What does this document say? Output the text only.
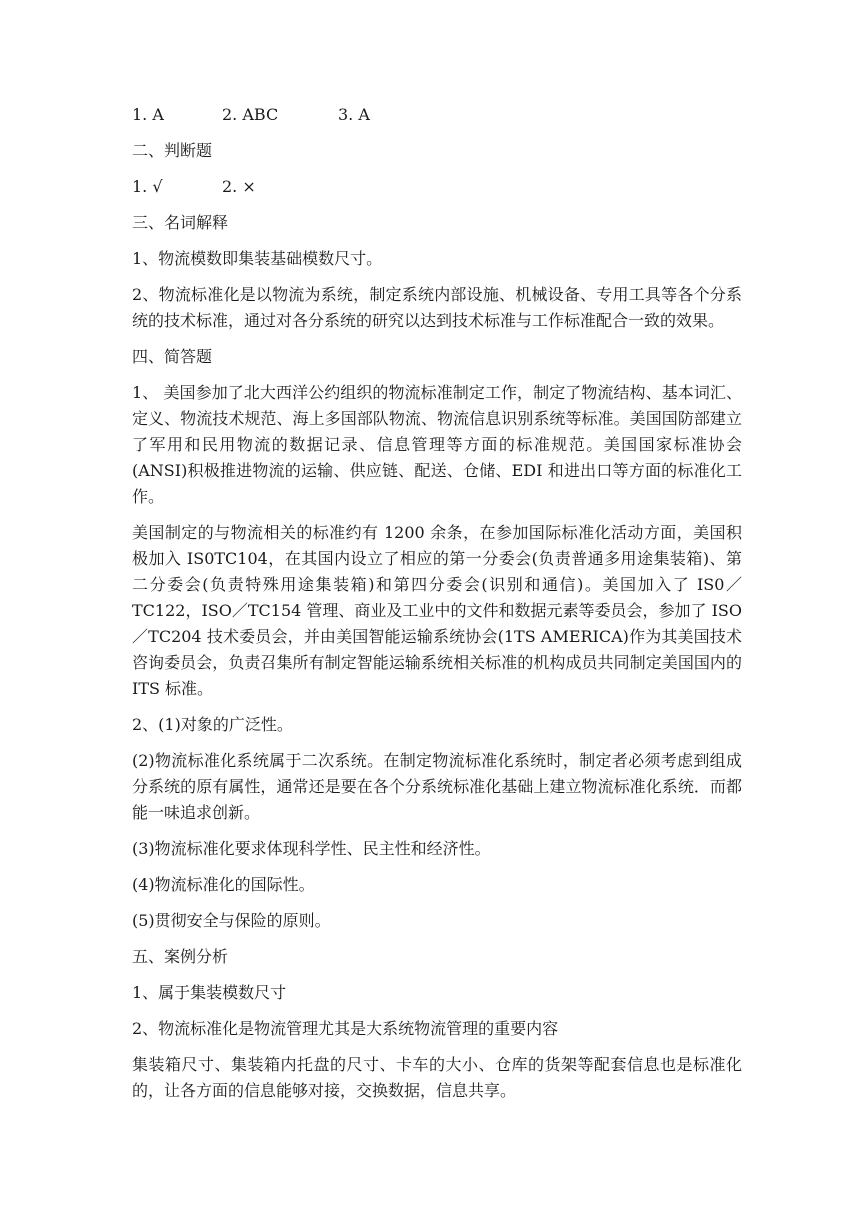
1. A	2. ABC	3. A

二、判断题

1. √	2. ×

三、名词解释

1、物流模数即集装基础模数尺寸。

2、物流标准化是以物流为系统，制定系统内部设施、机械设备、专用工具等各个分系统的技术标准，通过对各分系统的研究以达到技术标准与工作标准配合一致的效果。

四、简答题

1、 美国参加了北大西洋公约组织的物流标准制定工作，制定了物流结构、基本词汇、定义、物流技术规范、海上多国部队物流、物流信息识别系统等标准。美国国防部建立了军用和民用物流的数据记录、信息管理等方面的标准规范。美国国家标准协会(ANSI)积极推进物流的运输、供应链、配送、仓储、EDI 和进出口等方面的标准化工作。

美国制定的与物流相关的标准约有 1200 余条，在参加国际标准化活动方面，美国积极加入 IS0TC104，在其国内设立了相应的第一分委会(负责普通多用途集装箱)、第二分委会(负责特殊用途集装箱)和第四分委会(识别和通信)。美国加入了 IS0／TC122，ISO／TC154 管理、商业及工业中的文件和数据元素等委员会，参加了 ISO／TC204 技术委员会，并由美国智能运输系统协会(1TS AMERICA)作为其美国技术咨询委员会，负责召集所有制定智能运输系统相关标准的机构成员共同制定美国国内的 ITS 标准。

2、(1)对象的广泛性。

(2)物流标准化系统属于二次系统。在制定物流标准化系统时，制定者必须考虑到组成分系统的原有属性，通常还是要在各个分系统标准化基础上建立物流标准化系统．而都能一味追求创新。

(3)物流标准化要求体现科学性、民主性和经济性。

(4)物流标准化的国际性。

(5)贯彻安全与保险的原则。

五、案例分析

1、属于集装模数尺寸

2、物流标准化是物流管理尤其是大系统物流管理的重要内容

集装箱尺寸、集装箱内托盘的尺寸、卡车的大小、仓库的货架等配套信息也是标准化的，让各方面的信息能够对接，交换数据，信息共享。
